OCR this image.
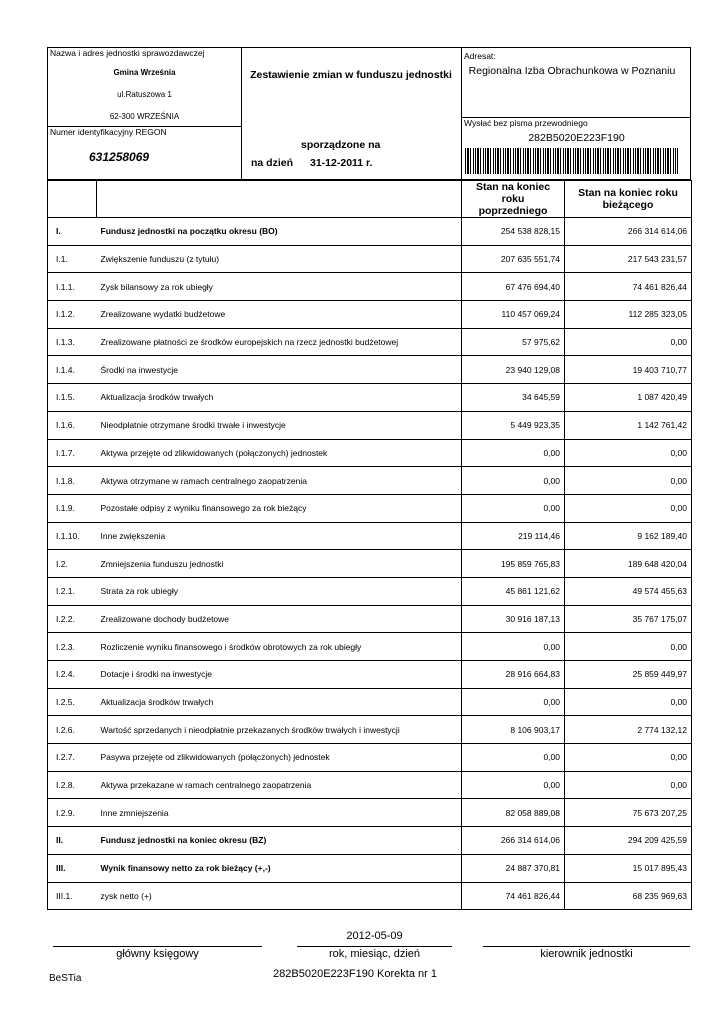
Nazwa i adres jednostki sprawozdawczej
Gmina Września
ul.Ratuszowa 1
62-300 WRZEŚNIA
Numer identyfikacyjny REGON
631258069
Zestawienie zmian w funduszu jednostki
sporządzone na
na dzień 31-12-2011 r.
Adresat:
Regionalna Izba Obrachunkowa w Poznaniu
Wysłać bez pisma przewodniego
282B5020E223F190
		Stan na koniec roku poprzedniego	Stan na koniec roku bieżącego
I.	Fundusz jednostki na początku okresu (BO)	254 538 828,15	266 314 614,06
I.1.	Zwiększenie funduszu (z tytułu)	207 635 551,74	217 543 231,57
I.1.1.	Zysk bilansowy za rok ubiegły	67 476 694,40	74 461 826,44
I.1.2.	Zrealizowane wydatki budżetowe	110 457 069,24	112 285 323,05
I.1.3.	Zrealizowane płatności ze środków europejskich na rzecz jednostki budżetowej	57 975,62	0,00
I.1.4.	Środki na inwestycje	23 940 129,08	19 403 710,77
I.1.5.	Aktualizacja środków trwałych	34 645,59	1 087 420,49
I.1.6.	Nieodpłatnie otrzymane środki trwałe i inwestycje	5 449 923,35	1 142 761,42
I.1.7.	Aktywa przejęte od zlikwidowanych (połączonych) jednostek	0,00	0,00
I.1.8.	Aktywa otrzymane w ramach centralnego zaopatrzenia	0,00	0,00
I.1.9.	Pozostałe odpisy z wyniku finansowego za rok bieżący	0,00	0,00
I.1.10.	Inne zwiększenia	219 114,46	9 162 189,40
I.2.	Zmniejszenia funduszu jednostki	195 859 765,83	189 648 420,04
I.2.1.	Strata za rok ubiegły	45 861 121,62	49 574 455,63
I.2.2.	Zrealizowane dochody budżetowe	30 916 187,13	35 767 175,07
I.2.3.	Rozliczenie wyniku finansowego i środków obrotowych za rok ubiegły	0,00	0,00
I.2.4.	Dotacje i środki na inwestycje	28 916 664,83	25 859 449,97
I.2.5.	Aktualizacja środków trwałych	0,00	0,00
I.2.6.	Wartość sprzedanych i nieodpłatnie przekazanych środków trwałych i inwestycji	8 106 903,17	2 774 132,12
I.2.7.	Pasywa przejęte od zlikwidowanych (połączonych) jednostek	0,00	0,00
I.2.8.	Aktywa przekazane w ramach centralnego zaopatrzenia	0,00	0,00
I.2.9.	Inne zmniejszenia	82 058 889,08	75 673 207,25
II.	Fundusz jednostki na koniec okresu (BZ)	266 314 614,06	294 209 425,59
III.	Wynik finansowy netto za rok bieżący (+,-)	24 887 370,81	15 017 895,43
III.1.	zysk netto (+)	74 461 826,44	68 235 969,63
2012-05-09
główny księgowy	rok, miesiąc, dzień	kierownik jednostki
BeSTia	282B5020E223F190 Korekta nr 1
